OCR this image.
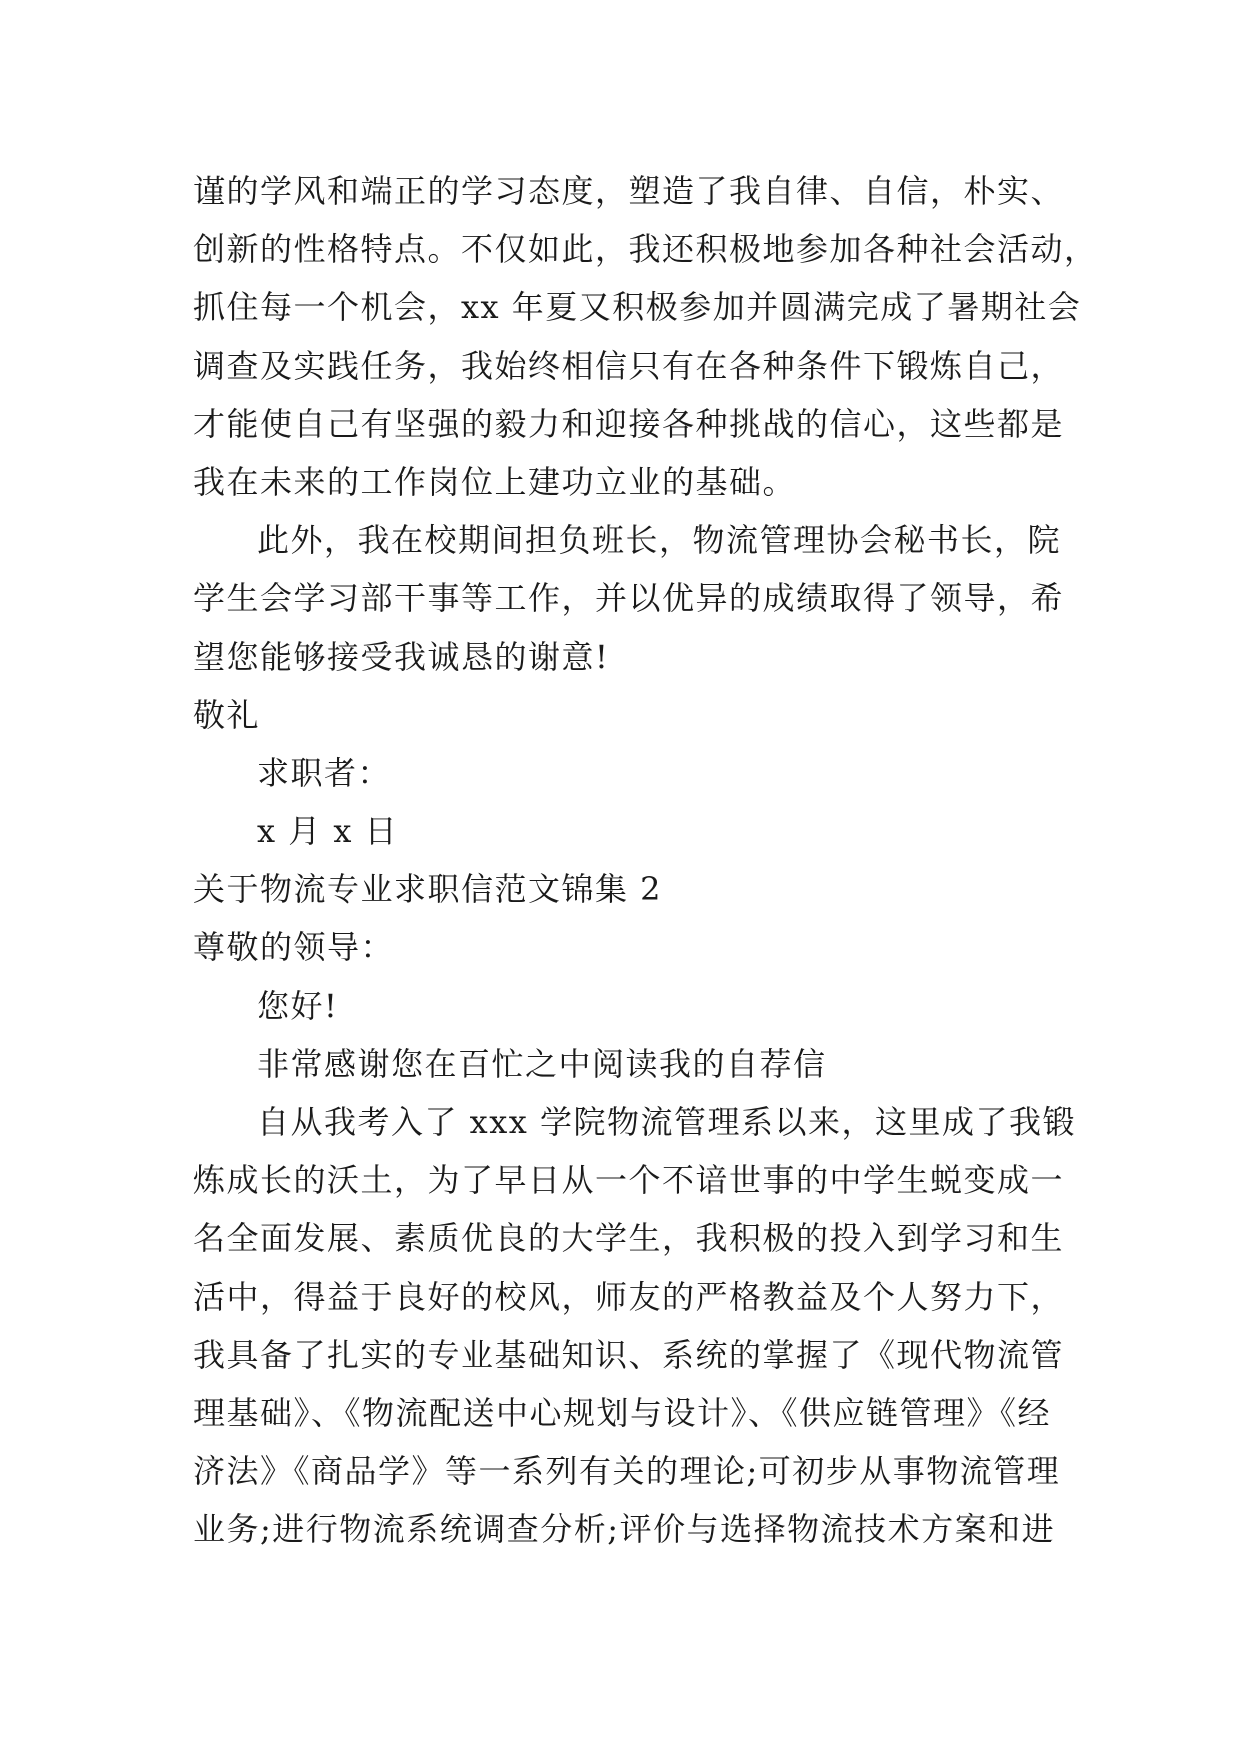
谨的学风和端正的学习态度，塑造了我自律、自信，朴实、
创新的性格特点。不仅如此，我还积极地参加各种社会活动，
抓住每一个机会，xx 年夏又积极参加并圆满完成了暑期社会
调查及实践任务，我始终相信只有在各种条件下锻炼自己，
才能使自己有坚强的毅力和迎接各种挑战的信心，这些都是
我在未来的工作岗位上建功立业的基础。
此外，我在校期间担负班长，物流管理协会秘书长，院
学生会学习部干事等工作，并以优异的成绩取得了领导，希
望您能够接受我诚恳的谢意!
敬礼
求职者：
x 月 x 日
关于物流专业求职信范文锦集 2
尊敬的领导：
您好!
非常感谢您在百忙之中阅读我的自荐信
自从我考入了 xxx 学院物流管理系以来，这里成了我锻
炼成长的沃土，为了早日从一个不谙世事的中学生蜕变成一
名全面发展、素质优良的大学生，我积极的投入到学习和生
活中，得益于良好的校风，师友的严格教益及个人努力下，
我具备了扎实的专业基础知识、系统的掌握了《现代物流管
理基础》、《物流配送中心规划与设计》、《供应链管理》《经
济法》《商品学》等一系列有关的理论;可初步从事物流管理
业务;进行物流系统调查分析;评价与选择物流技术方案和进
